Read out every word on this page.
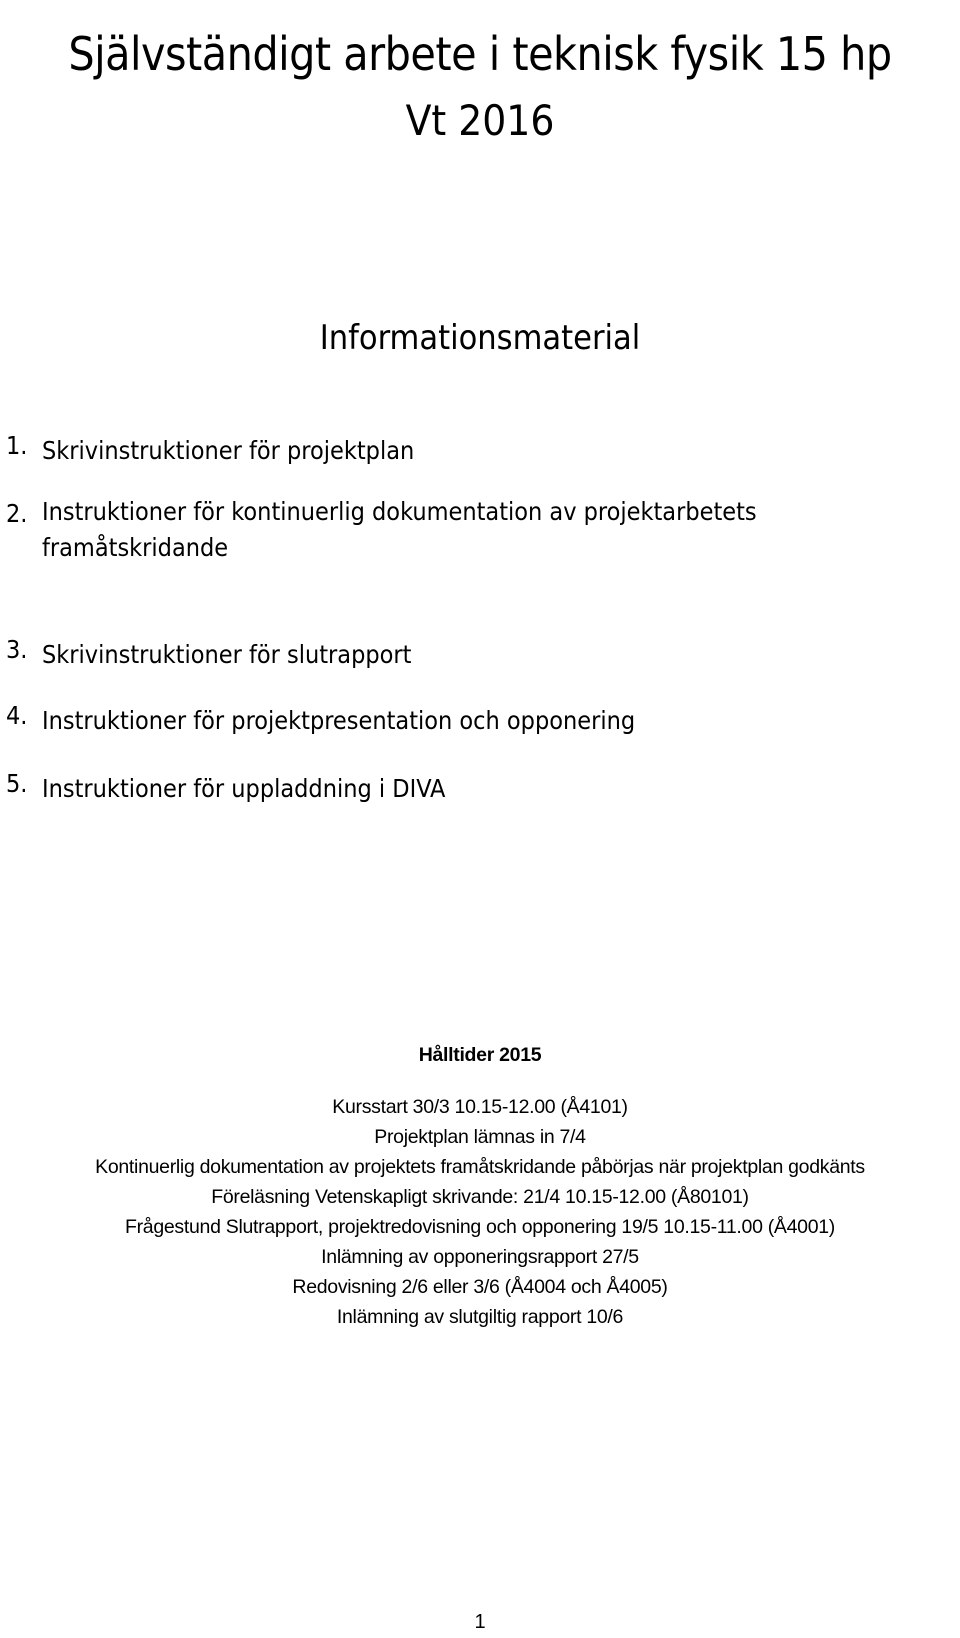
Självständigt arbete i teknisk fysik 15 hp
Vt 2016
Informationsmaterial
1. Skrivinstruktioner för projektplan
2. Instruktioner för kontinuerlig dokumentation av projektarbetets framåtskridande
3. Skrivinstruktioner för slutrapport
4. Instruktioner för projektpresentation och opponering
5. Instruktioner för uppladdning i DIVA
Hålltider 2015
Kursstart 30/3 10.15-12.00 (Å4101)
Projektplan lämnas in 7/4
Kontinuerlig dokumentation av projektets framåtskridande påbörjas när projektplan godkänts
Föreläsning Vetenskapligt skrivande: 21/4 10.15-12.00 (Å80101)
Frågestund Slutrapport, projektredovisning och opponering 19/5 10.15-11.00 (Å4001)
Inlämning av opponeringsrapport 27/5
Redovisning 2/6 eller 3/6 (Å4004 och Å4005)
Inlämning av slutgiltig rapport 10/6
1
